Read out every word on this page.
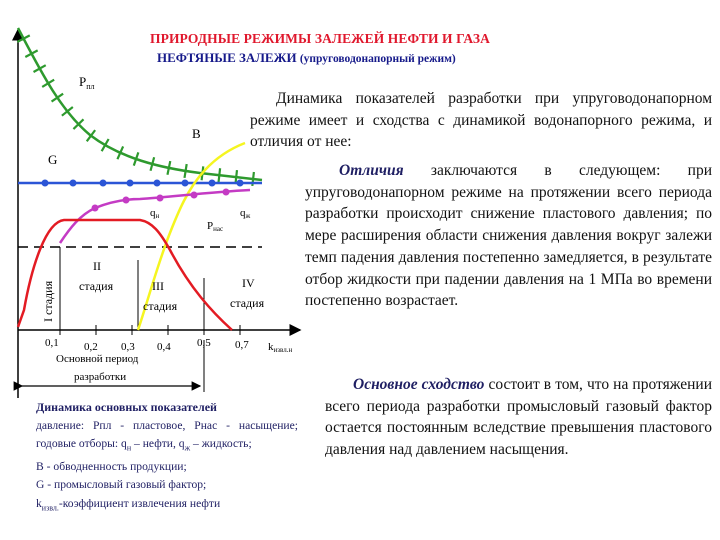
ПРИРОДНЫЕ РЕЖИМЫ ЗАЛЕЖЕЙ НЕФТИ И ГАЗА
НЕФТЯНЫЕ ЗАЛЕЖИ (упруговодонапорный режим)
$P_{пл}$
B
G
qн	qж
Pнас
I стадия
II
стадия	III
стадия
IV
стадия
0,1 0,2 0,3 0,4 0,5 0,7 kизвл.н
Основной период
разработки
Динамика основных показателей
давление: Рпл - пластовое, Рнас - насыщение; годовые отборы: $q_н$ – нефти, $q_ж$ – жидкость;
B - обводненность продукции;
G - промысловый газовый фактор;
$k_{извл.}$-коэффициент извлечения нефти
Динамика показателей разработки при упруговодонапорном режиме имеет и сходства с динамикой водонапорного режима, и отличия от нее:
Отличия заключаются в следующем: при упруговодонапорном режиме на протяжении всего периода разработки происходит снижение пластового давления; по мере расширения области снижения давления вокруг залежи темп падения давления постепенно замедляется, в результате отбор жидкости при падении давления на 1 МПа во времени постепенно возрастает.
Основное сходство состоит в том, что на протяжении всего периода разработки промысловый газовый фактор остается постоянным вследствие превышения пластового давления над давлением насыщения.
